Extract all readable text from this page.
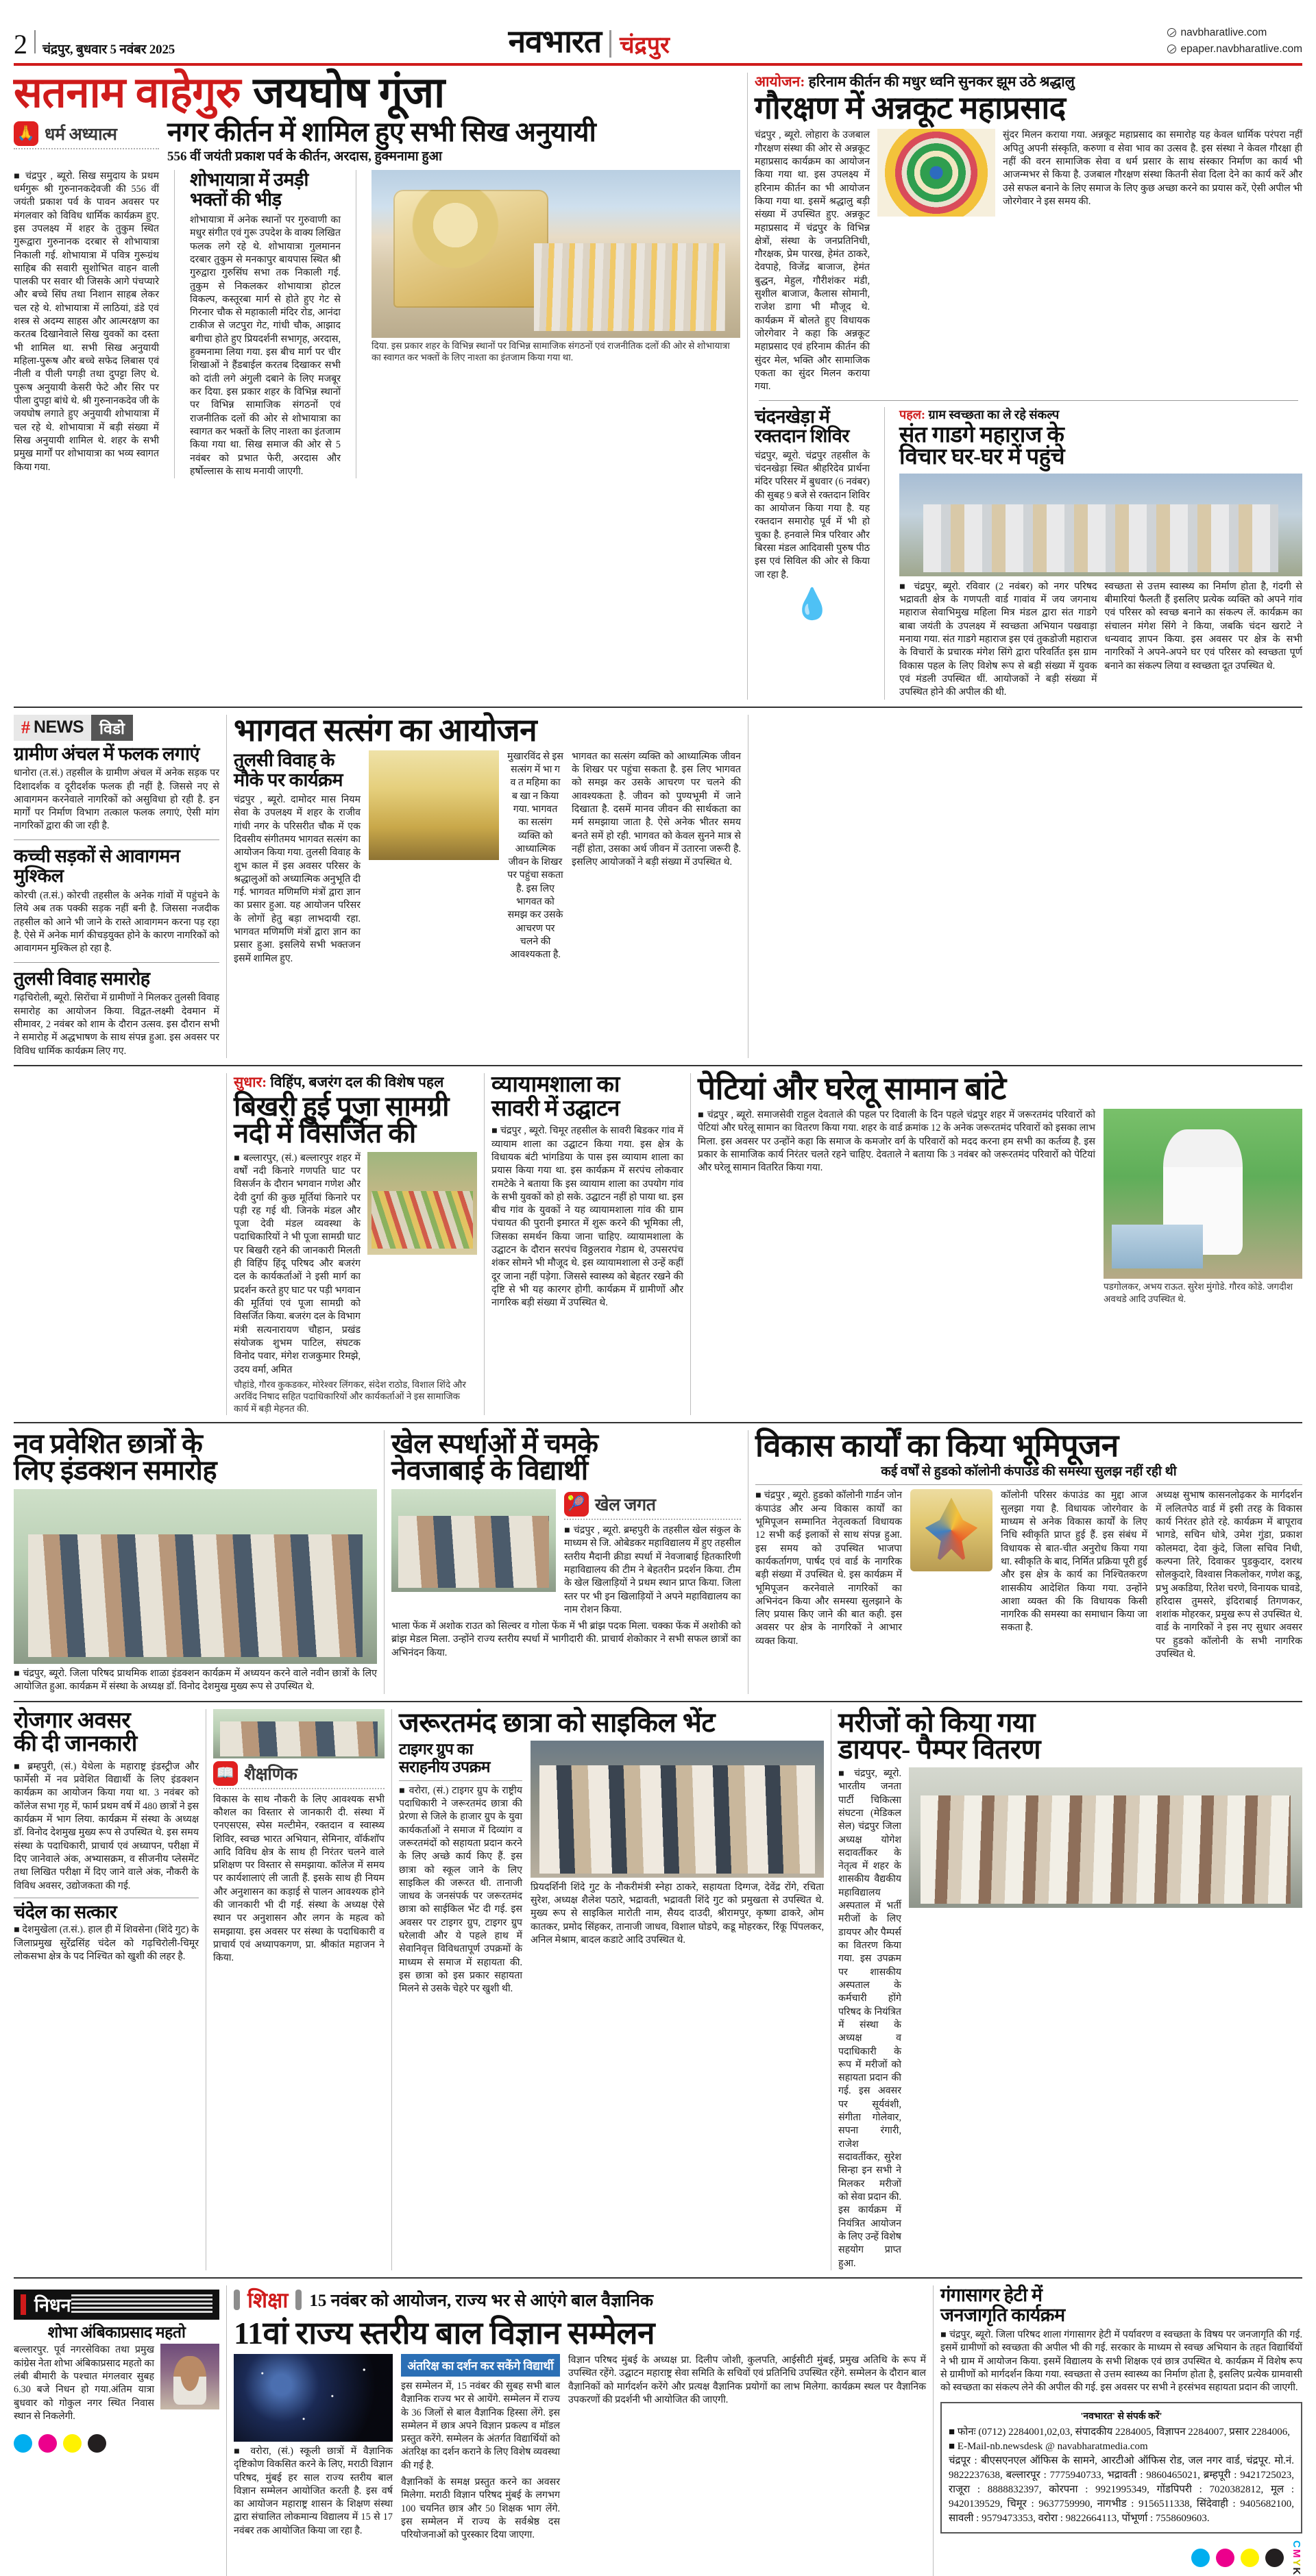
2 चंद्रपुर, बुधवार 5 नवंबर 2025	नवभारत चंद्रपुर
navbharatlive.com
epaper.navbharatlive.com
सतनाम वाहेगुरु जयघोष गूंजा
🙏 धर्म अध्यात्म नगर कीर्तन में शामिल हुए सभी सिख अनुयायी
556 वीं जयंती प्रकाश पर्व के कीर्तन, अरदास, हुक्मनामा हुआ
■ चंद्रपुर , ब्यूरो. सिख समुदाय के प्रथम धर्मगुरू श्री गुरुनानकदेवजी की 556 वीं जयंती प्रकाश पर्व के पावन अवसर पर मंगलवार को विविध धार्मिक कार्यक्रम हुए. इस उपलक्ष्य में शहर के तुकुम स्थित गुरूद्वारा गुरुनानक दरबार से शोभायात्रा निकाली गई. शोभायात्रा में पवित्र गुरूग्रंथ साहिब की सवारी सुशोभित वाहन वाली पालकी पर सवार थी जिसके आगे पंचप्यारे और बच्चे सिंघ तथा निशान साहब लेकर चल रहे थे. शोभायात्रा में लाठियां, डंडे एवं शस्त्र से अदम्य साहस और आत्मरक्षण का करतब दिखानेवाले सिख युवकों का दस्ता भी शामिल था. सभी सिख अनुयायी महिला-पुरूष और बच्चे सफेद लिबास एवं नीली व पीली पगड़ी तथा दुपट्टा लिए थे. पुरूष अनुयायी केसरी फेटे और सिर पर पीला दुपट्टा बांधे थे. श्री गुरुनानकदेव जी के जयघोष लगाते हुए अनुयायी शोभायात्रा में चल रहे थे. शोभायात्रा में बड़ी संख्या में सिख अनुयायी शामिल थे. शहर के सभी प्रमुख मार्गों पर शोभायात्रा का भव्य स्वागत किया गया.
शोभायात्रा में उमड़ी भक्तों की भीड़
शोभायात्रा में अनेक स्थानों पर गुरुवाणी का मधुर संगीत एवं गुरू उपदेश के वाक्य लिखित फलक लगे रहे थे. शोभायात्रा गुलमानन दरबार तुकुम से मनकापुर बायपास स्थित श्री गुरुद्वारा गुरुसिंघ सभा तक निकाली गई. तुकुम से निकलकर शोभायात्रा होटल विकल्प, कस्तूरबा मार्ग से होते हुए गेट से गिरनार चौक से महाकाली मंदिर रोड, आनंदा टाकीज से जटपुरा गेट, गांधी चौक, आझाद बगीचा होते हुए प्रियदर्शनी सभागृह, अरदास, हुक्मनामा लिया गया. इस बीच मार्ग पर चीर शिखाओं ने हैंडबाईल करतब दिखाकर सभी को दांती लगे अंगुली दबाने के लिए मजबूर कर दिया. इस प्रकार शहर के विभिन्न स्थानों पर विभिन्न सामाजिक संगठनों एवं राजनीतिक दलों की ओर से शोभायात्रा का स्वागत कर भक्तों के लिए नाश्ता का इंतजाम किया गया था. सिख समाज की ओर से 5 नवंबर को प्रभात फेरी, अरदास और हर्षोल्लास के साथ मनायी जाएगी.
दिया. इस प्रकार शहर के विभिन्न स्थानों पर विभिन्न सामाजिक संगठनों एवं राजनीतिक दलों की ओर से शोभायात्रा का स्वागत कर भक्तों के लिए नाश्ता का इंतजाम किया गया था.
आयोजन: हरिनाम कीर्तन की मधुर ध्वनि सुनकर झूम उठे श्रद्धालु
गौरक्षण में अन्नकूट महाप्रसाद
चंद्रपुर , ब्यूरो. लोहारा के उजबाल गौरक्षण संस्था की ओर से अन्नकूट महाप्रसाद कार्यक्रम का आयोजन किया गया था. इस उपलक्ष्य में हरिनाम कीर्तन का भी आयोजन किया गया था. इसमें श्रद्धालु बड़ी संख्या में उपस्थित हुए. अन्नकूट महाप्रसाद में चंद्रपुर के विभिन्न क्षेत्रों, संस्था के जनप्रतिनिधी, गौरक्षक, प्रेम पारख, हेमंत ठाकरे, देवपाहे, विजेंद्र बाजाज, हेमंत बुद्धन, मेहुल, गौरीशंकर मंडी, सुशील बाजाज, कैलास सोमानी, राजेश डागा भी मौजूद थे. कार्यक्रम में बोलते हुए विधायक जोरगेवार ने कहा कि अन्नकूट महाप्रसाद एवं हरिनाम कीर्तन की सुंदर मेल, भक्ति और सामाजिक एकता का सुंदर मिलन कराया गया.
सुंदर मिलन कराया गया. अन्नकूट महाप्रसाद का समारोह यह केवल धार्मिक परंपरा नहीं अपितु अपनी संस्कृति, करुणा व सेवा भाव का उत्सव है. इस संस्था ने केवल गौरक्षा ही नहीं की वरन सामाजिक सेवा व धर्म प्रसार के साथ संस्कार निर्माण का कार्य भी आजन्मभर से किया है. उजबाल गौरक्षण संस्था कितनी सेवा दिला देने का कार्य करें और उसे सफल बनाने के लिए समाज के लिए कुछ अच्छा करने का प्रयास करें, ऐसी अपील भी जोरगेवार ने इस समय की.
चंदनखेड़ा में
रक्तदान शिविर
चंद्रपुर, ब्यूरो. चंद्रपुर तहसील के चंदनखेड़ा स्थित श्रीहरिदेव प्रार्थना मंदिर परिसर में बुधवार (6 नवंबर) की सुबह 9 बजे से रक्तदान शिविर का आयोजन किया गया है. यह रक्तदान समारोह पूर्व में भी हो चुका है. हनवाले मित्र परिवार और बिरसा मंडल आदिवासी पुरुष पीठ इस एवं सिविल की ओर से किया जा रहा है.
💧
पहल: ग्राम स्वच्छता का ले रहे संकल्प
संत गाडगे महाराज के
विचार घर-घर में पहुंचे
■ चंद्रपुर, ब्यूरो. रविवार (2 नवंबर) को नगर परिषद भद्रावती क्षेत्र के गणपती वार्ड गावांव में जय जगनाथ महाराज सेवाभिमुख महिला मित्र मंडल द्वारा संत गाडगे बाबा जयंती के उपलक्ष्य में स्वच्छता अभियान पखवाड़ा मनाया गया. संत गाडगे महाराज इस एवं तुकडोजी महाराज के विचारों के प्रचारक मंगेश सिंगे द्वारा परिवर्तित इस ग्राम विकास पहल के लिए विशेष रूप से बड़ी संख्या में युवक एवं मंडली उपस्थित थीं. आयोजकों ने बड़ी संख्या में उपस्थित होने की अपील की थी.
स्वच्छता से उत्तम स्वास्थ्य का निर्माण होता है, गंदगी से बीमारियां फैलती हैं इसलिए प्रत्येक व्यक्ति को अपने गांव एवं परिसर को स्वच्छ बनाने का संकल्प लें. कार्यक्रम का संचालन मंगेश सिंगे ने किया, जबकि चंदन खराटे ने धन्यवाद ज्ञापन किया. इस अवसर पर क्षेत्र के सभी नागरिकों ने अपने-अपने घर एवं परिसर को स्वच्छता पूर्ण बनाने का संकल्प लिया व स्वच्छता दूत उपस्थित थे.
# NEWS	विडो
ग्रामीण अंचल में फलक लगाएं
धानोरा (त.सं.) तहसील के ग्रामीण अंचल में अनेक सड़क पर दिशादर्शक व दूरीदर्शक फलक ही नहीं है. जिससे नए से आवागमन करनेवाले नागरिकों को असुविधा हो रही है. इन मार्गों पर निर्माण विभाग तत्काल फलक लगाएं, ऐसी मांग नागरिकों द्वारा की जा रही है.
कच्ची सड़कों से आवागमन मुश्किल
कोरची (त.सं.) कोरची तहसील के अनेक गांवों में पहुंचने के लिये अब तक पक्की सड़क नहीं बनी है. जिससा नजदीक तहसील को आने भी जाने के रास्ते आवागमन करना पड़ रहा है. ऐसे में अनेक मार्ग कीचड़युक्त होने के कारण नागरिकों को आवागमन मुश्किल हो रहा है.
तुलसी विवाह समारोह
गढ़चिरोली, ब्यूरो. सिरोंचा में ग्रामीणों ने मिलकर तुलसी विवाह समारोह का आयोजन किया. विद्वत-लक्ष्मी देवमान में सीमावर, 2 नवंबर को शाम के दौरान उत्सव. इस दौरान सभी ने समारोह में अद्धभाषण के साथ संपन्न हुआ. इस अवसर पर विविध धार्मिक कार्यक्रम लिए गए.
भागवत सत्संग का आयोजन
तुलसी विवाह के मौके पर कार्यक्रम
चंद्रपुर , ब्यूरो. दामोदर मास नियम सेवा के उपलक्ष्य में शहर के राजीव गांधी नगर के परिसरीत चौक में एक दिवसीय संगीतमय भागवत सत्संग का आयोजन किया गया. तुलसी विवाह के शुभ काल में इस अवसर परिसर के श्रद्धालुओं को अध्यात्मिक अनुभूति दी गई. भागवत मणिमणि मंत्रों द्वारा ज्ञान का प्रसार हुआ. यह आयोजन परिसर के लोगों हेतु बड़ा लाभदायी रहा. भागवत मणिमणि मंत्रों द्वारा ज्ञान का प्रसार हुआ. इसलिये सभी भक्तजन इसमें शामिल हुए.
मुखारविंद से इस सत्संग में भा ग व त महिमा का ब खा न किया गया. भागवत का सत्संग व्यक्ति को आध्यात्मिक जीवन के शिखर पर पहुंचा सकता है. इस लिए भागवत को समझ कर उसके आचरण पर चलने की आवश्यकता है.
भागवत का सत्संग व्यक्ति को आध्यात्मिक जीवन के शिखर पर पहुंचा सकता है. इस लिए भागवत को समझ कर उसके आचरण पर चलने की आवश्यकता है. जीवन को पुण्यभूमी में जाने दिखाता है. दसमें मानव जीवन की सार्थकता का मर्म समझाया जाता है. ऐसे अनेक भीतर समय बनते समें हो रही. भागवत को केवल सुनने मात्र से नहीं होता, उसका अर्थ जीवन में उतारना जरूरी है. इसलिए आयोजकों ने बड़ी संख्या में उपस्थित थे.
सुधार: विहिंप, बजरंग दल की विशेष पहल
बिखरी हुई पूजा सामग्री
नदी में विसर्जित की
■ बल्लारपुर, (सं.) बल्लारपुर शहर में वर्षों नदी किनारे गणपति घाट पर विसर्जन के दौरान भगवान गणेश और देवी दुर्गा की कुछ मूर्तियां किनारे पर पड़ी रह गई थी. जिनके मंडल और पूजा देवी मंडल व्यवस्था के पदाधिकारियों ने भी पूजा सामग्री घाट पर बिखरी रहने की जानकारी मिलती ही विहिंप हिंदू परिषद और बजरंग दल के कार्यकर्ताओं ने इसी मार्ग का प्रदर्शन करते हुए घाट पर पड़ी भगवान की मूर्तियां एवं पूजा सामग्री को विसर्जित किया. बजरंग दल के विभाग मंत्री सत्यनारायण चौहान, प्रखंड संयोजक शुभम पाटिल, संघटक विनोद पवार, मंगेश राजकुमार रिमझे, उदय वर्मा, अमित
चौहांडे, गौरव कुकडकर, मोरेश्वर लिंगकर, संदेश राठोड, विशाल शिंदे और अरविंद निषाद सहित पदाधिकारियों और कार्यकर्ताओं ने इस सामाजिक कार्य में बड़ी मेहनत की.
व्यायामशाला का
सावरी में उद्घाटन
■ चंद्रपुर , ब्यूरो. चिमूर तहसील के सावरी बिडकर गांव में व्यायाम शाला का उद्घाटन किया गया. इस क्षेत्र के विधायक बंटी भांगडिया के पास इस व्यायाम शाला का प्रयास किया गया था. इस कार्यक्रम में सरपंच लोकवार रामटेके ने बताया कि इस व्यायाम शाला का उपयोग गांव के सभी युवकों को हो सके. उद्घाटन नहीं हो पाया था. इस बीच गांव के युवकों ने यह व्यायामशाला गांव की ग्राम पंचायत की पुरानी इमारत में शुरू करने की भूमिका ली, जिसका समर्थन किया जाना चाहिए. व्यायामशाला के उद्घाटन के दौरान सरपंच विठ्ठलराव गेडाम थे, उपसरपंच शंकर सोमने भी मौजूद थे. इस व्यायामशाला से उन्हें कहीं दूर जाना नहीं पड़ेगा. जिससे स्वास्थ्य को बेहतर रखने की दृष्टि से भी यह कारगर होगी. कार्यक्रम में ग्रामीणों और नागरिक बड़ी संख्या में उपस्थित थे.
पेटियां और घरेलू सामान बांटे
■ चंद्रपुर , ब्यूरो. समाजसेवी राहुल देवताले की पहल पर दिवाली के दिन पहले चंद्रपुर शहर में जरूरतमंद परिवारों को पेटियां और घरेलू सामान का वितरण किया गया. शहर के वार्ड क्रमांक 12 के अनेक जरूरतमंद परिवारों को इसका लाभ मिला. इस अवसर पर उन्होंने कहा कि समाज के कमजोर वर्ग के परिवारों को मदद करना हम सभी का कर्तव्य है. इस प्रकार के सामाजिक कार्य निरंतर चलते रहने चाहिए. देवताले ने बताया कि 3 नवंबर को जरूरतमंद परिवारों को पेटियां और घरेलू सामान वितरित किया गया.
पडगोलकर, अभय राऊत. सुरेश मुंगोडे. गौरव कोडे. जगदीश अवथडे आदि उपस्थित थे.
नव प्रवेशित छात्रों के
लिए इंडक्शन समारोह
■ चंद्रपुर, ब्यूरो. जिला परिषद प्राथमिक शाळा इंडक्शन कार्यक्रम में अध्ययन करने वाले नवीन छात्रों के लिए आयोजित हुआ. कार्यक्रम में संस्था के अध्यक्ष डॉ. विनोद देशमुख मुख्य रूप से उपस्थित थे.
खेल स्पर्धाओं में चमके
नेवजाबाई के विद्यार्थी
🎾 खेल जगत
■ चंद्रपुर , ब्यूरो. ब्रम्हपुरी के तहसील खेल संकुल के माध्यम से जि. ओबेडकर महाविद्यालय में हुए तहसील स्तरीय मैदानी क्रीडा स्पर्धा में नेवजाबाई हितकारिणी महाविद्यालय की टीम ने बेहतरीन प्रदर्शन किया. टीम के खेल खिलाड़ियों ने प्रथम स्थान प्राप्त किया. जिला स्तर पर भी इन खिलाड़ियों ने अपने महाविद्यालय का नाम रोशन किया.
भाला फेंक में अशोक राउत को सिल्वर व गोला फेंक में भी ब्रांझ पदक मिला. चक्का फेंक में अशोकी को ब्रांझ मेडल मिला. उन्होंने राज्य स्तरीय स्पर्धा में भागीदारी की. प्राचार्य शेकोकार ने सभी सफल छात्रों का अभिनंदन किया.
विकास कार्यों का किया भूमिपूजन
कई वर्षों से हुडको कॉलोनी कंपाउंड की समस्या सुलझ नहीं रही थी
■ चंद्रपुर , ब्यूरो. हुडको कॉलोनी गार्डन जोन कंपाउंड और अन्य विकास कार्यों का भूमिपूजन सम्मानित नेतृत्वकर्ता विधायक 12 सभी कई इलाकों से साथ संपन्न हुआ. इस समय को उपस्थित भाजपा कार्यकर्तागण, पार्षद एवं वार्ड के नागरिक बड़ी संख्या में उपस्थित थे. इस कार्यक्रम में भूमिपूजन करनेवाले नागरिकों का अभिनंदन किया और समस्या सुलझाने के लिए प्रयास किए जाने की बात कही. इस अवसर पर क्षेत्र के नागरिकों ने आभार व्यक्त किया.
कॉलोनी परिसर कंपाउंड का मुद्दा आज सुलझा गया है. विधायक जोरगेवार के माध्यम से अनेक विकास कार्यों के लिए निधि स्वीकृति प्राप्त हुई हैं. इस संबंध में विधायक से बात-चीत अनुरोध किया गया था. स्वीकृति के बाद, निर्मित प्रक्रिया पूरी हुई और इस क्षेत्र के कार्य का निश्चितकरण शासकीय आदेशित किया गया. उन्होंने आशा व्यक्त की कि विधायक किसी नागरिक की समस्या का समाधान किया जा सकता है.
अध्यक्ष सुभाष कासनलोढ़कर के मार्गदर्शन में ललितपेठ वार्ड में इसी तरह के विकास कार्य निरंतर होते रहे. कार्यक्रम में बापूराव भागडे, सचिन धोत्रे, उमेश गुंडा, प्रकाश कोलमदा, देवा कुंदे, जिला सचिव निधी, कल्पना तिरे, दिवाकर पुडकुदार, दशरथ सोलकुदारे, विश्वास निकलोकर, गणेश कडू, प्रभु अकडिया, रितेश चरणे, विनायक घावडे, हरिदास तुमसरे, इंदिराबाई तिगणकर, शशांक मोहरकर, प्रमुख रूप से उपस्थित थे. वार्ड के नागरिकों ने इस नए सुधार अवसर पर हुडको कॉलोनी के सभी नागरिक उपस्थित थे.
रोजगार अवसर
की दी जानकारी
■ ब्रम्हपुरी, (सं.) येथेला के महाराष्ट्र इंडस्ट्रीज और फार्मेसी में नव प्रवेशित विद्यार्थी के लिए इंडक्शन कार्यक्रम का आयोजन किया गया था. 3 नवंबर को कॉलेज सभा गृह में, फार्म प्रथम वर्ष में 480 छात्रों ने इस कार्यक्रम में भाग लिया. कार्यक्रम में संस्था के अध्यक्ष डॉ. विनोद देशमुख मुख्य रूप से उपस्थित थे. इस समय संस्था के पदाधिकारी, प्राचार्य एवं अध्यापन, परीक्षा में दिए जानेवाले अंक, अभ्यासक्रम, व सीजनीय प्लेसमेंट तथा लिखित परीक्षा में दिए जाने वाले अंक, नौकरी के विविध अवसर, उद्योजकता की गई.
चंदेल का सत्कार
■ देशमुखेला (त.सं.). हाल ही में शिवसेना (शिंदे गुट) के जिलाप्रमुख सुरेंद्रसिंह चंदेल को गढ़चिरोली-चिमूर लोकसभा क्षेत्र के पद निश्चित को खुशी की लहर है.
📖 शैक्षणिक
विकास के साथ नौकरी के लिए आवश्यक सभी कौशल का विस्तार से जानकारी दी. संस्था में एनएसएस, स्पेस मल्टीमेन, रक्तदान व स्वास्थ्य शिविर, स्वच्छ भारत अभियान, सेमिनार, वॉर्कशॉप आदि विविध क्षेत्र के साथ ही निरंतर चलने वाले प्रशिक्षण पर विस्तार से समझाया. कॉलेज में समय पर कार्यशालाएं ली जाती हैं. इसके साथ ही नियम और अनुशासन का कड़ाई से पालन आवश्यक होने की जानकारी भी दी गई. संस्था के अध्यक्ष ऐसे स्थान पर अनुशासन और लगन के महत्व को समझाया. इस अवसर पर संस्था के पदाधिकारी व प्राचार्य एवं अध्यापकगण, प्रा. श्रीकांत महाजन ने किया.
जरूरतमंद छात्रा को साइकिल भेंट
टाइगर ग्रुप का सराहनीय उपक्रम
■ वरोरा, (सं.) टाइगर ग्रुप के राष्ट्रीय पदाधिकारी ने जरूरतमंद छात्रा की प्रेरणा से जिले के हाजार ग्रुप के युवा कार्यकर्ताओं ने समाज में दिव्यांग व जरूरतमंदों को सहायता प्रदान करने के लिए अच्छे कार्य किए हैं. इस छात्रा को स्कूल जाने के लिए साइकिल की जरूरत थी. तानाजी जाधव के जनसंपर्क पर जरूरतमंद छात्रा को साईकिल भेंट दी गई. इस अवसर पर टाइगर ग्रुप, टाइगर ग्रुप घरेलावी और ये पहले हाथ में सेवानिवृत्त विविधतापूर्ण उपक्रमों के माध्यम से समाज में सहायता की. इस छात्रा को इस प्रकार सहायता मिलने से उसके चेहरे पर खुशी थी.
प्रियदर्शिनी शिंदे गुट के नौकरीमंत्री स्नेहा ठाकरे, सहायता दिग्गज, देवेंद्र रोंगे, रचिता सुरेश, अध्यक्ष शैलेश पठारे, भद्रावती, भद्रावती शिंदे गुट को प्रमुखता से उपस्थित थे. मुख्य रूप से साइकिल मारोती नाम, सैयद दाउदी, श्रीरामपुर, कृष्णा ढाकरे, ओम कातकर, प्रमोद सिंहकर, तानाजी जाधव, विशाल घोडपे, कडू मोहरकर, रिंकू पिंपलकर, अनिल मेश्राम, बादल कडाटे आदि उपस्थित थे.
मरीजों को किया गया
डायपर- पैम्पर वितरण
■ चंद्रपुर, ब्यूरो. भारतीय जनता पार्टी चिकित्सा संघटना (मेडिकल सेल) चंद्रपुर जिला अध्यक्ष योगेश सदावर्तीकर के नेतृत्व में शहर के शासकीय वैद्यकीय महाविद्यालय अस्पताल में भर्ती मरीजों के लिए डायपर और पैम्पर्स का वितरण किया गया. इस उपक्रम पर शासकीय अस्पताल के कर्मचारी होंगे परिषद के नियंत्रित में संस्था के अध्यक्ष व पदाधिकारी के रूप में मरीजों को सहायता प्रदान की गई. इस अवसर पर सूर्यवंशी, संगीता गोलेवार, सपना रंगारी, राजेश सदावर्तीकर, सुरेश सिन्हा इन सभी ने मिलकर मरीजों को सेवा प्रदान की. इस कार्यक्रम में नियंत्रित आयोजन के लिए उन्हें विशेष सहयोग प्राप्त हुआ.
निधन
शोभा अंबिकाप्रसाद महतो
बल्लारपुर. पूर्व नगरसेविका तथा प्रमुख कांग्रेस नेता शोभा अंबिकाप्रसाद महतो का लंबी बीमारी के पश्चात मंगलवार सुबह 6.30 बजे निधन हो गया.अंतिम यात्रा बुधवार को गोकुल नगर स्थित निवास स्थान से निकलेगी.
शिक्षा 15 नवंबर को आयोजन, राज्य भर से आएंगे बाल वैज्ञानिक
11वां राज्य स्तरीय बाल विज्ञान सम्मेलन
■ वरोरा, (सं.) स्कूली छात्रों में वैज्ञानिक दृष्टिकोण विकसित करने के लिए, मराठी विज्ञान परिषद, मुंबई हर साल राज्य स्तरीय बाल विज्ञान सम्मेलन आयोजित करती है. इस वर्ष का आयोजन महाराष्ट्र शासन के शिक्षण संस्था द्वारा संचालित लोकमान्य विद्यालय में 15 से 17 नवंबर तक आयोजित किया जा रहा है.
अंतरिक्ष का दर्शन कर सकेंगे विद्यार्थी
इस सम्मेलन में, 15 नवंबर की सुबह सभी बाल वैज्ञानिक राज्य भर से आयेंगे. सम्मेलन में राज्य के 36 जिलों से बाल वैज्ञानिक हिस्सा लेंगे. इस सम्मेलन में छात्र अपने विज्ञान प्रकल्प व मॉडल प्रस्तुत करेंगे. सम्मेलन के अंतर्गत विद्यार्थियों को अंतरिक्ष का दर्शन कराने के लिए विशेष व्यवस्था की गई है.
वैज्ञानिकों के समक्ष प्रस्तुत करने का अवसर मिलेगा. मराठी विज्ञान परिषद मुंबई के लगभग 100 चयनित छात्र और 50 शिक्षक भाग लेंगे. इस सम्मेलन में राज्य के सर्वश्रेष्ठ दस परियोजनाओं को पुरस्कार दिया जाएगा.
विज्ञान परिषद मुंबई के अध्यक्ष प्रा. दिलीप जोशी, कुलपति, आईसीटी मुंबई, प्रमुख अतिथि के रूप में उपस्थित रहेंगे. उद्घाटन महाराष्ट्र सेवा समिति के सचिवों एवं प्रतिनिधि उपस्थित रहेंगे. सम्मेलन के दौरान बाल वैज्ञानिकों को मार्गदर्शन करेंगे और प्रत्यक्ष वैज्ञानिक प्रयोगों का लाभ मिलेगा. कार्यक्रम स्थल पर वैज्ञानिक उपकरणों की प्रदर्शनी भी आयोजित की जाएगी.
गंगासागर हेटी में
जनजागृति कार्यक्रम
■ चंद्रपुर, ब्यूरो. जिला परिषद शाला गंगासागर हेटी में पर्यावरण व स्वच्छता के विषय पर जनजागृति की गई. इसमें ग्रामीणों को स्वच्छता की अपील भी की गई. सरकार के माध्यम से स्वच्छ अभियान के तहत विद्यार्थियों ने भी ग्राम में आयोजन किया. इसमें विद्यालय के सभी शिक्षक एवं छात्र उपस्थित थे. कार्यक्रम में विशेष रूप से ग्रामीणों को मार्गदर्शन किया गया. स्वच्छता से उत्तम स्वास्थ्य का निर्माण होता है, इसलिए प्रत्येक ग्रामवासी को स्वच्छता का संकल्प लेने की अपील की गई. इस अवसर पर सभी ने हरसंभव सहायता प्रदान की जाएगी.
'नवभारत' से संपर्क करें'
■ फोनः (0712) 2284001,02,03, संपादकीय 2284005, विज्ञापन 2284007, प्रसार 2284006,
■ E-Mail-nb.newsdesk @ navabharatmedia.com
चंद्रपूर : बीएसएनएल ऑफिस के सामने, आरटीओ ऑफिस रोड, जल नगर वार्ड, चंद्रपूर. मो.नं. 9822237638, बल्लारपूर : 7775940733, भद्रावती : 9860465021, ब्रम्हपूरी : 9421725023, राजूरा : 8888832397, कोरपना : 9921995349, गोंडपिपरी : 7020382812, मूल : 9420139529, चिमूर : 9637759990, नागभीड : 9156511338, सिंदेवाही : 9405682100, सावली : 9579473353, वरोरा : 9822664113, पोंभूर्णा : 7558609603.
CMYK
